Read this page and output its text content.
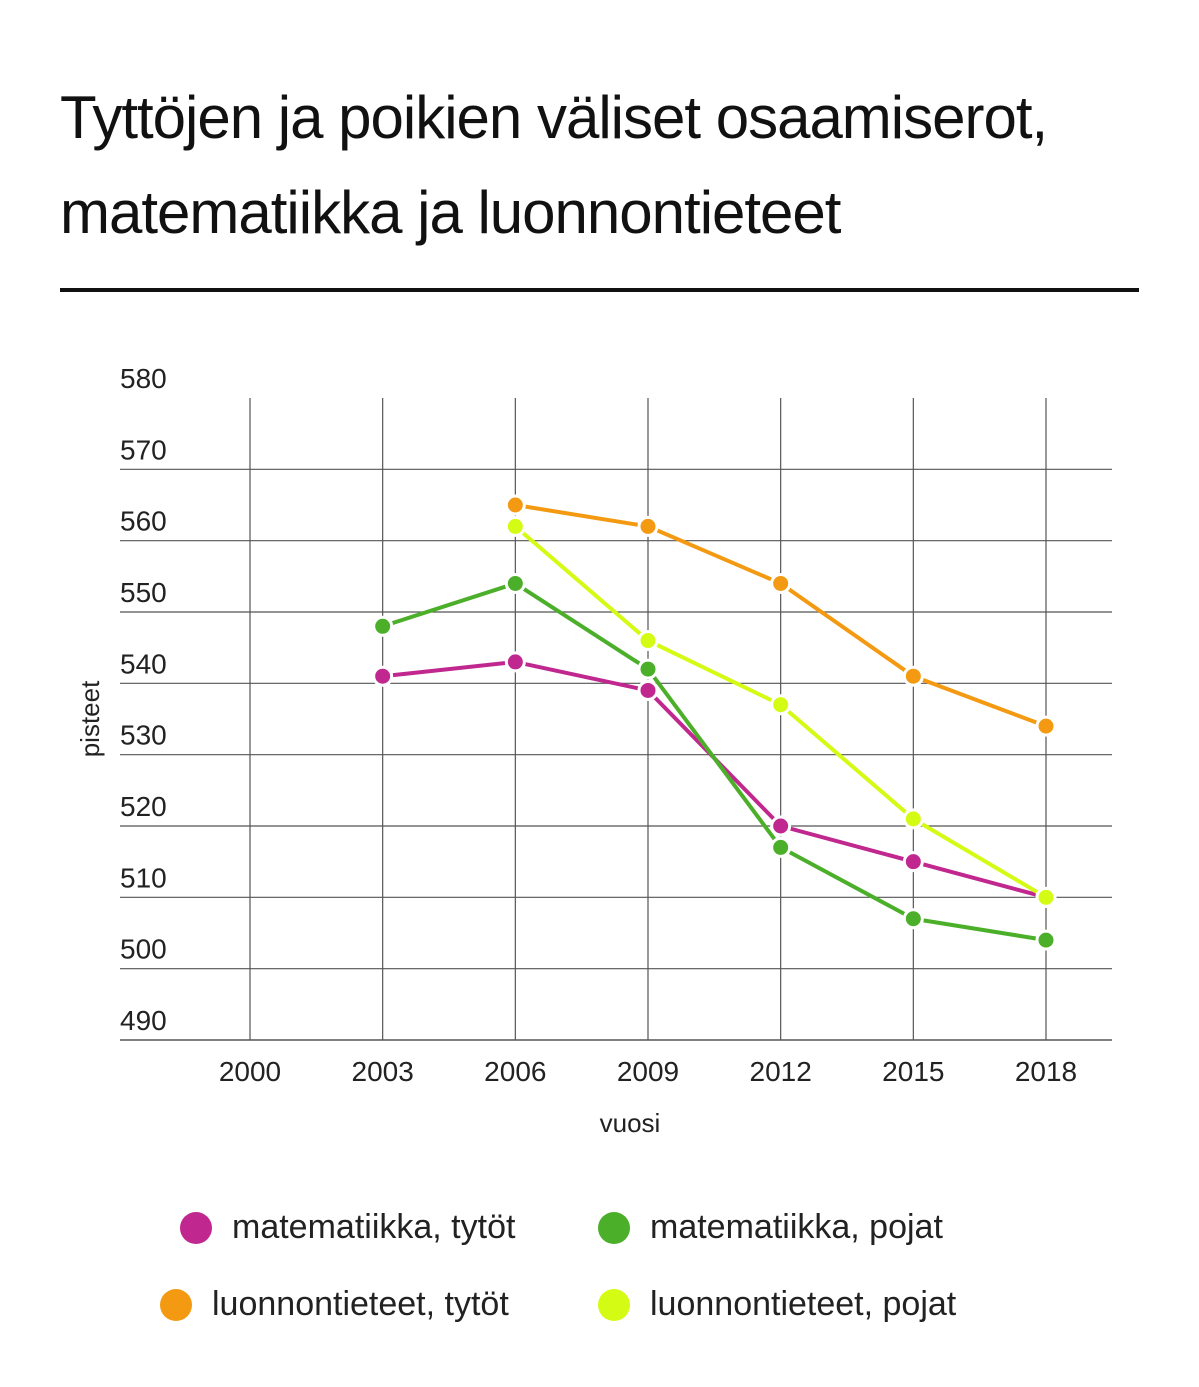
Tyttöjen ja poikien väliset osaamiserot,
matematiikka ja luonnontieteet
490
500
510
520
530
540
550
560
570
580
2000	2003	2006	2009	2012	2015	2018
vuosi
pisteet
matematiikka, tytöt	matematiikka, pojat
luonnontieteet, tytöt	luonnontieteet, pojat
